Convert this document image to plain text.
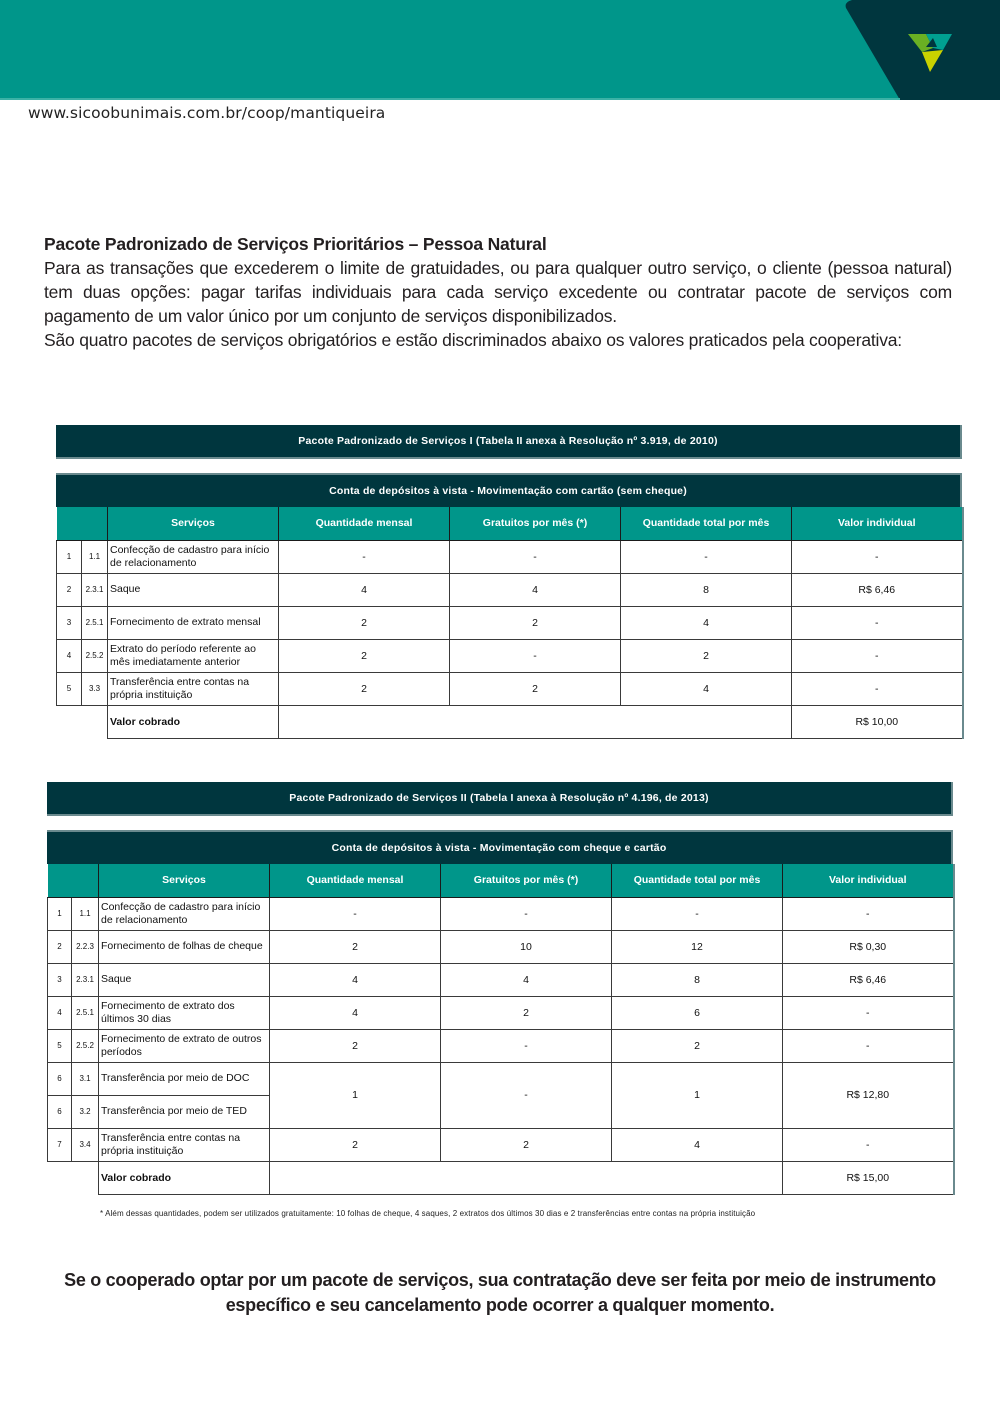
www.sicoobunimais.com.br/coop/mantiqueira
Pacote Padronizado de Serviços Prioritários – Pessoa Natural

Para as transações que excederem o limite de gratuidades, ou para qualquer outro serviço, o cliente (pessoa natural) tem duas opções: pagar tarifas individuais para cada serviço excedente ou contratar pacote de serviços com pagamento de um valor único por um conjunto de serviços disponibilizados.

São quatro pacotes de serviços obrigatórios e estão discriminados abaixo os valores praticados pela cooperativa:

Pacote Padronizado de Serviços I (Tabela II anexa à Resolução nº 3.919, de 2010)
Conta de depósitos à vista - Movimentação com cartão (sem cheque)
		Serviços	Quantidade mensal	Gratuitos por mês (*)	Quantidade total por mês	Valor individual
1	1.1	Confecção de cadastro para início de relacionamento	-	-	-	-
2	2.3.1	Saque	4	4	8	R$ 6,46
3	2.5.1	Fornecimento de extrato mensal	2	2	4	-
4	2.5.2	Extrato do período referente ao mês imediatamente anterior	2	-	2	-
5	3.3	Transferência entre contas na própria instituição	2	2	4	-
		Valor cobrado				R$ 10,00
Pacote Padronizado de Serviços II (Tabela I anexa à Resolução nº 4.196, de 2013)
Conta de depósitos à vista - Movimentação com cheque e cartão
		Serviços	Quantidade mensal	Gratuitos por mês (*)	Quantidade total por mês	Valor individual
1	1.1	Confecção de cadastro para início de relacionamento	-	-	-	-
2	2.2.3	Fornecimento de folhas de cheque	2	10	12	R$ 0,30
3	2.3.1	Saque	4	4	8	R$ 6,46
4	2.5.1	Fornecimento de extrato dos últimos 30 dias	4	2	6	-
5	2.5.2	Fornecimento de extrato de outros períodos	2	-	2	-
6	3.1	Transferência por meio de DOC	1	-	1	R$ 12,80
6	3.2	Transferência por meio de TED				
7	3.4	Transferência entre contas na própria instituição	2	2	4	-
		Valor cobrado				R$ 15,00
* Além dessas quantidades, podem ser utilizados gratuitamente: 10 folhas de cheque, 4 saques, 2 extratos dos últimos 30 dias e 2 transferências entre contas na própria instituição
Se o cooperado optar por um pacote de serviços, sua contratação deve ser feita por meio de instrumento específico e seu cancelamento pode ocorrer a qualquer momento.
